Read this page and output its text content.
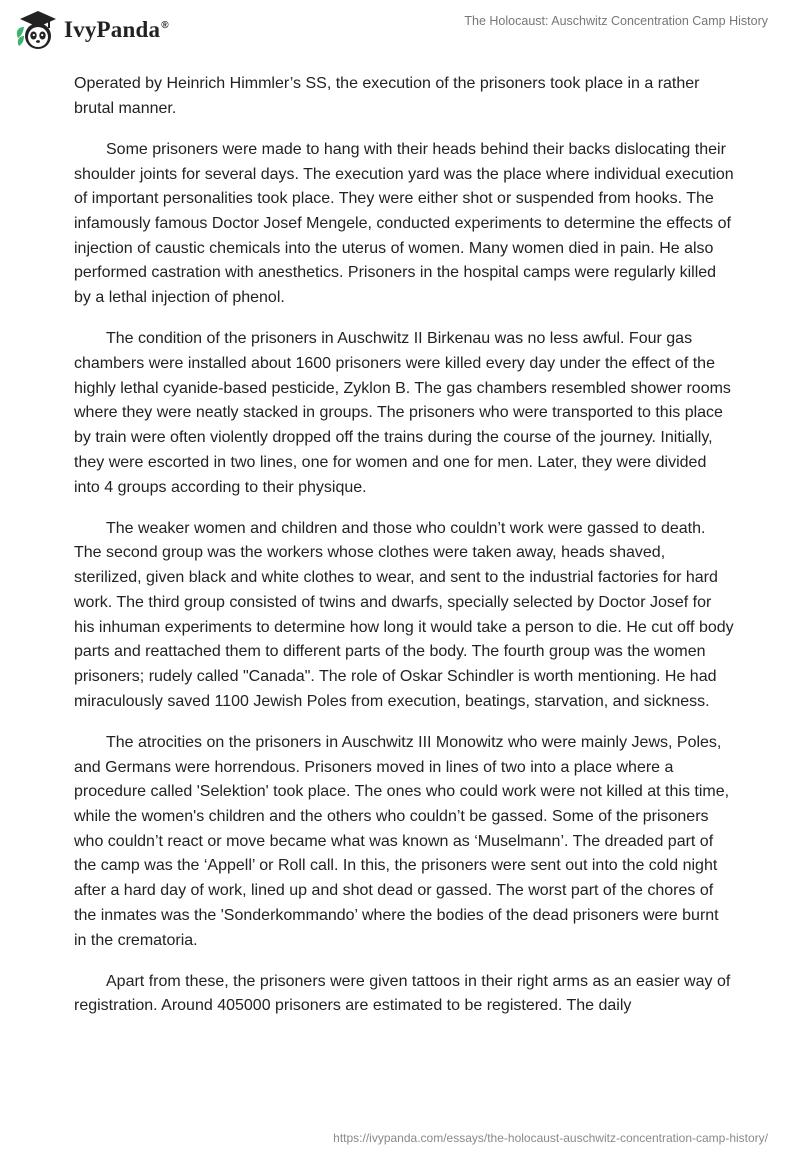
IvyPanda®	The Holocaust: Auschwitz Concentration Camp History

Operated by Heinrich Himmler’s SS, the execution of the prisoners took place in a rather brutal manner.

Some prisoners were made to hang with their heads behind their backs dislocating their shoulder joints for several days. The execution yard was the place where individual execution of important personalities took place. They were either shot or suspended from hooks. The infamously famous Doctor Josef Mengele, conducted experiments to determine the effects of injection of caustic chemicals into the uterus of women. Many women died in pain. He also performed castration with anesthetics. Prisoners in the hospital camps were regularly killed by a lethal injection of phenol.

The condition of the prisoners in Auschwitz II Birkenau was no less awful. Four gas chambers were installed about 1600 prisoners were killed every day under the effect of the highly lethal cyanide-based pesticide, Zyklon B. The gas chambers resembled shower rooms where they were neatly stacked in groups. The prisoners who were transported to this place by train were often violently dropped off the trains during the course of the journey. Initially, they were escorted in two lines, one for women and one for men. Later, they were divided into 4 groups according to their physique.

The weaker women and children and those who couldn’t work were gassed to death. The second group was the workers whose clothes were taken away, heads shaved, sterilized, given black and white clothes to wear, and sent to the industrial factories for hard work. The third group consisted of twins and dwarfs, specially selected by Doctor Josef for his inhuman experiments to determine how long it would take a person to die. He cut off body parts and reattached them to different parts of the body. The fourth group was the women prisoners; rudely called "Canada". The role of Oskar Schindler is worth mentioning. He had miraculously saved 1100 Jewish Poles from execution, beatings, starvation, and sickness.

The atrocities on the prisoners in Auschwitz III Monowitz who were mainly Jews, Poles, and Germans were horrendous. Prisoners moved in lines of two into a place where a procedure called 'Selektion' took place. The ones who could work were not killed at this time, while the women's children and the others who couldn’t be gassed. Some of the prisoners who couldn’t react or move became what was known as ‘Muselmann’. The dreaded part of the camp was the ‘Appell’ or Roll call. In this, the prisoners were sent out into the cold night after a hard day of work, lined up and shot dead or gassed. The worst part of the chores of the inmates was the 'Sonderkommando’ where the bodies of the dead prisoners were burnt in the crematoria.

Apart from these, the prisoners were given tattoos in their right arms as an easier way of registration. Around 405000 prisoners are estimated to be registered. The daily

https://ivypanda.com/essays/the-holocaust-auschwitz-concentration-camp-history/
